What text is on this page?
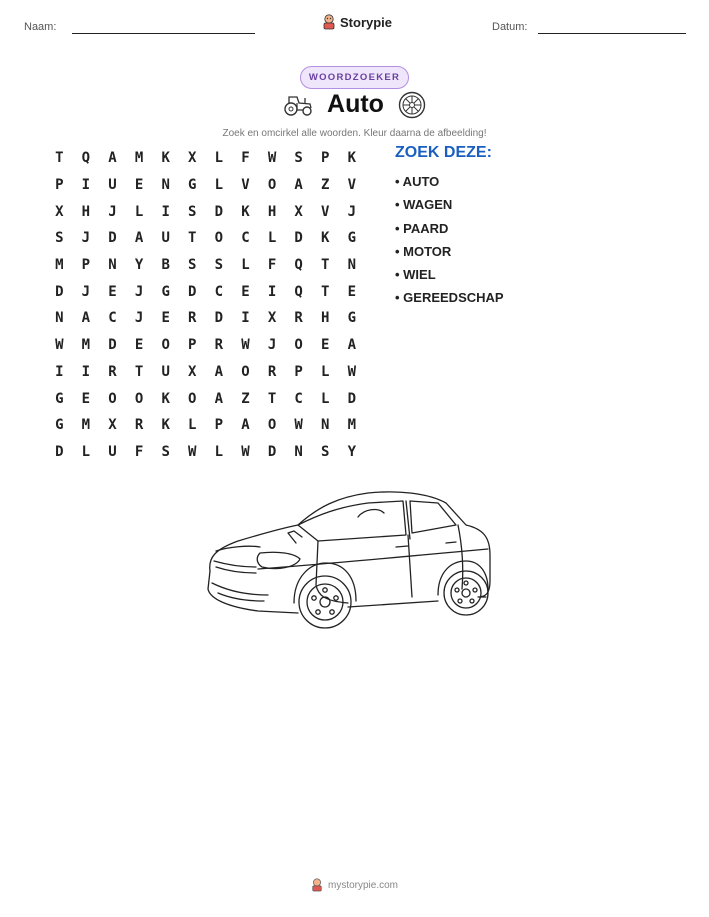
Naam:	Storypie	Datum:
WOORDZOEKER
Auto
Zoek en omcirkel alle woorden. Kleur daarna de afbeelding!
T	Q	A	M	K	X	L	F	W	S	P	K
P	I	U	E	N	G	L	V	O	A	Z	V
X	H	J	L	I	S	D	K	H	X	V	J
S	J	D	A	U	T	O	C	L	D	K	G
M	P	N	Y	B	S	S	L	F	Q	T	N
D	J	E	J	G	D	C	E	I	Q	T	E
N	A	C	J	E	R	D	I	X	R	H	G
W	M	D	E	O	P	R	W	J	O	E	A
I	I	R	T	U	X	A	O	R	P	L	W
G	E	O	O	K	O	A	Z	T	C	L	D
G	M	X	R	K	L	P	A	O	W	N	M
D	L	U	F	S	W	L	W	D	N	S	Y
ZOEK DEZE:
• AUTO
• WAGEN
• PAARD
• MOTOR
• WIEL
• GEREEDSCHAP
mystorypie.com
